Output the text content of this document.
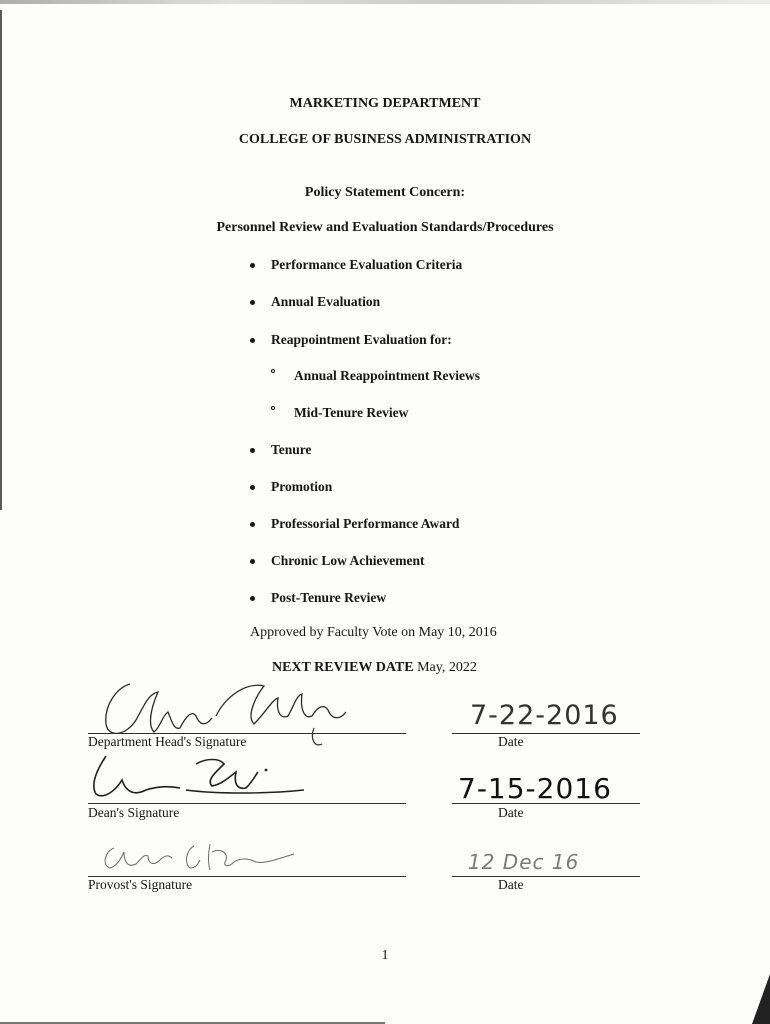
MARKETING DEPARTMENT
COLLEGE OF BUSINESS ADMINISTRATION
Policy Statement Concern:
Personnel Review and Evaluation Standards/Procedures
Performance Evaluation Criteria
Annual Evaluation
Reappointment Evaluation for:
Annual Reappointment Reviews
Mid-Tenure Review
Tenure
Promotion
Professorial Performance Award
Chronic Low Achievement
Post-Tenure Review
Approved by Faculty Vote on May 10, 2016
NEXT REVIEW DATE May, 2022
Department Head's Signature
7-22-2016
Date
Dean's Signature
7-15-2016
Date
Provost's Signature
12 Dec 16
Date
1
